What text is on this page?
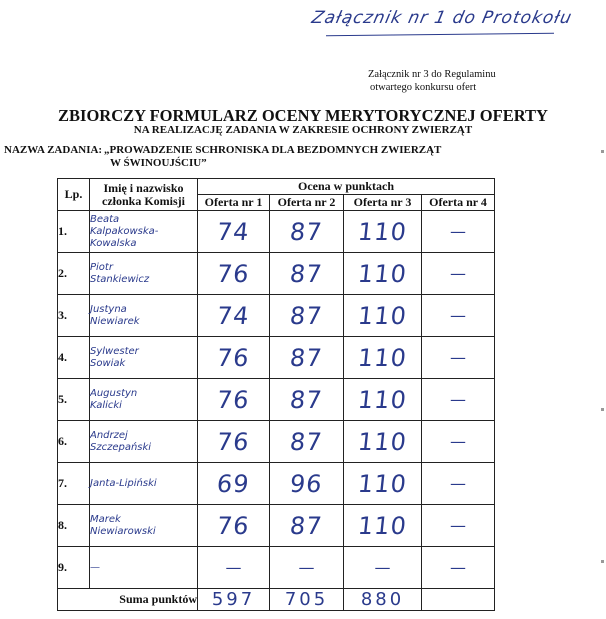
Załącznik nr 1 do Protokołu
Załącznik nr 3 do Regulaminu
otwartego konkursu ofert
ZBIORCZY FORMULARZ OCENY MERYTORYCZNEJ OFERTY
NA REALIZACJĘ ZADANIA W ZAKRESIE OCHRONY ZWIERZĄT
NAZWA ZADANIA: „PROWADZENIE SCHRONISKA DLA BEZDOMNYCH ZWIERZĄT
W ŚWINOUJŚCIU”
Lp.	Imię i nazwisko
członka Komisji	Ocena w punktach			
		Oferta nr 1	Oferta nr 2	Oferta nr 3	Oferta nr 4
1.	Beata
Kalpakowska-Kowalska	74	87	110	—
2.	Piotr
Stankiewicz	76	87	110	—
3.	Justyna
Niewiarek	74	87	110	—
4.	Sylwester
Sowiak	76	87	110	—
5.	Augustyn
Kalicki	76	87	110	—
6.	Andrzej
Szczepański	76	87	110	—
7.	Janta-Lipiński	69	96	110	—
8.	Marek
Niewiarowski	76	87	110	—
9.	—	—	—	—	—
Suma punktów		597	705	880	
